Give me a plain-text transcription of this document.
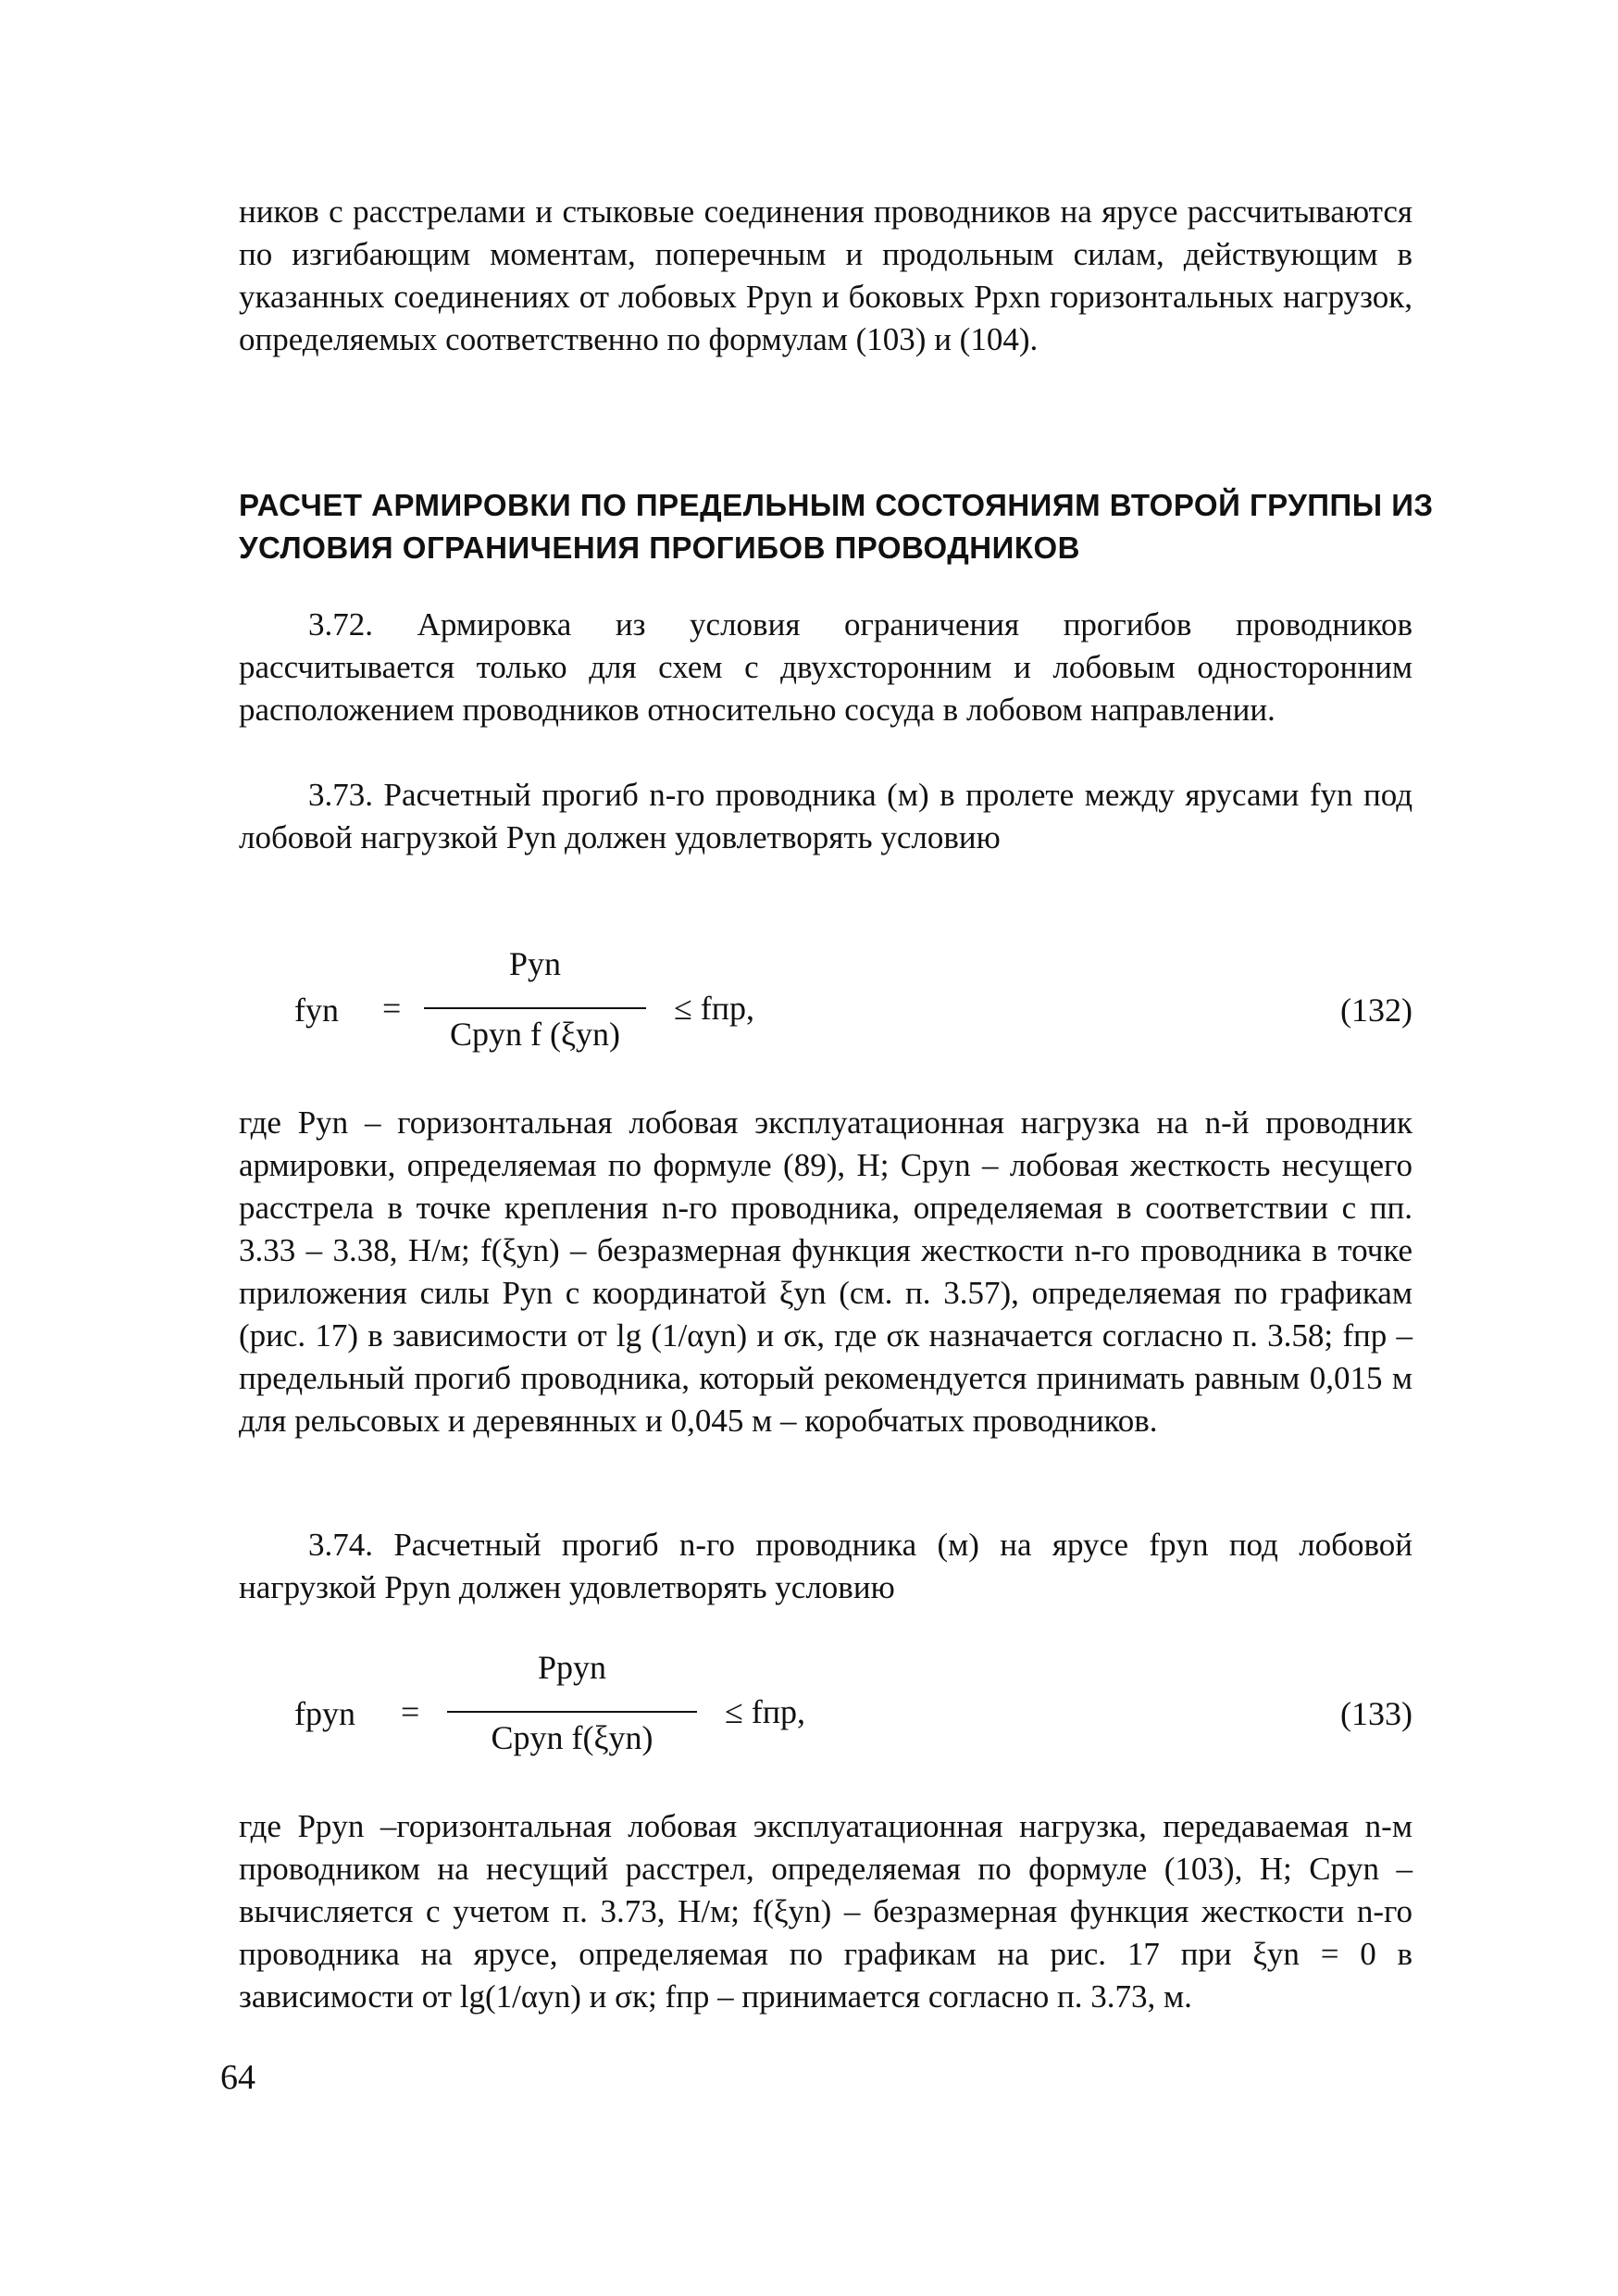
ников с расстрелами и стыковые соединения проводников на ярусе рассчитываются по изгибающим моментам, поперечным и продольным силам, действующим в указанных соединениях от лобовых Pрyn и боковых Pрxn горизонтальных нагрузок, определяемых соответственно по формулам (103) и (104).

РАСЧЕТ АРМИРОВКИ ПО ПРЕДЕЛЬНЫМ СОСТОЯНИЯМ ВТОРОЙ ГРУППЫ ИЗ УСЛОВИЯ ОГРАНИЧЕНИЯ ПРОГИБОВ ПРОВОДНИКОВ

3.72. Армировка из условия ограничения прогибов проводников рассчитывается только для схем с двухсторонним и лобовым односторонним расположением проводников относительно сосуда в лобовом направлении.

3.73. Расчетный прогиб n-го проводника (м) в пролете между ярусами fyn под лобовой нагрузкой Pyn должен удовлетворять условию

fyn =
Pyn
Cрyn f (ξyn)
≤ fпр,	(132)

где Pyn – горизонтальная лобовая эксплуатационная нагрузка на n-й проводник армировки, определяемая по формуле (89), Н; Cрyn – лобовая жесткость несущего расстрела в точке крепления n-го проводника, определяемая в соответствии с пп. 3.33 – 3.38, Н/м; f(ξyn) – безразмерная функция жесткости n-го проводника в точке приложения силы Pyn с координатой ξyn (см. п. 3.57), определяемая по графикам (рис. 17) в зависимости от lg (1/αyn) и σк, где σк назначается согласно п. 3.58; fпр – предельный прогиб проводника, который рекомендуется принимать равным 0,015 м для рельсовых и деревянных и 0,045 м – коробчатых проводников.

3.74. Расчетный прогиб n-го проводника (м) на ярусе fрyn под лобовой нагрузкой Pрyn должен удовлетворять условию

fрyn =
Pрyn
Cрyn f(ξyn)
≤ fпр,	(133)

где Pрyn –горизонтальная лобовая эксплуатационная нагрузка, передаваемая n-м проводником на несущий расстрел, определяемая по формуле (103), Н; Cрyn – вычисляется с учетом п. 3.73, Н/м; f(ξyn) – безразмерная функция жесткости n-го проводника на ярусе, определяемая по графикам на рис. 17 при ξyn = 0 в зависимости от lg(1/αyn) и σк; fпр – принимается согласно п. 3.73, м.

64
